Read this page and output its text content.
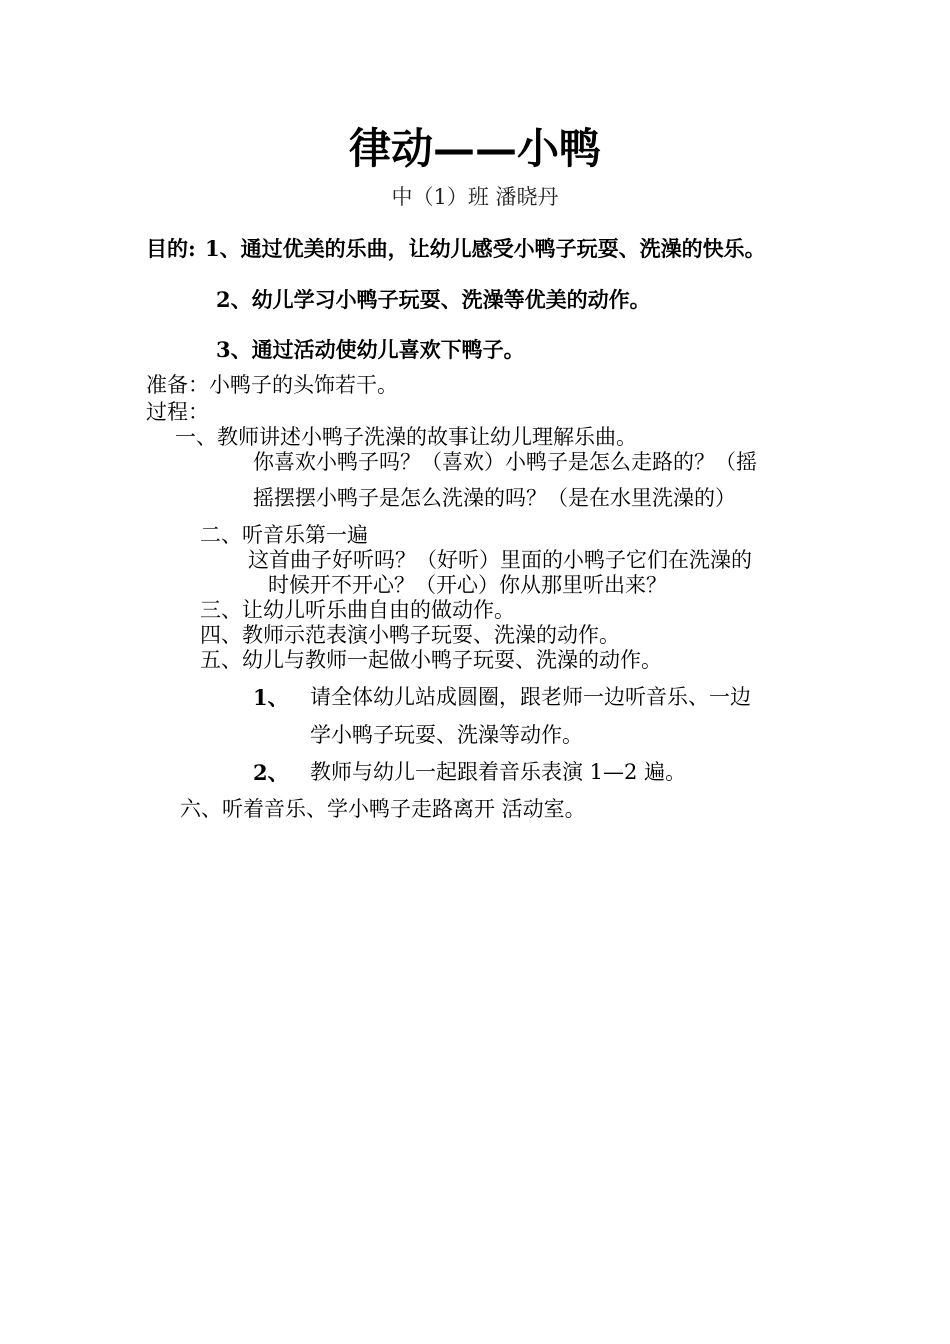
律动——小鸭
中（1）班 潘晓丹
目的: 1、通过优美的乐曲，让幼儿感受小鸭子玩耍、洗澡的快乐。
2、幼儿学习小鸭子玩耍、洗澡等优美的动作。
3、通过活动使幼儿喜欢下鸭子。
准备：小鸭子的头饰若干。
过程：
一、教师讲述小鸭子洗澡的故事让幼儿理解乐曲。
你喜欢小鸭子吗？（喜欢）小鸭子是怎么走路的？（摇
摇摆摆小鸭子是怎么洗澡的吗？（是在水里洗澡的）
二、听音乐第一遍
这首曲子好听吗？（好听）里面的小鸭子它们在洗澡的
时候开不开心？（开心）你从那里听出来？
三、让幼儿听乐曲自由的做动作。
四、教师示范表演小鸭子玩耍、洗澡的动作。
五、幼儿与教师一起做小鸭子玩耍、洗澡的动作。
1、 请全体幼儿站成圆圈，跟老师一边听音乐、一边
学小鸭子玩耍、洗澡等动作。
2、 教师与幼儿一起跟着音乐表演 1—2 遍。
六、听着音乐、学小鸭子走路离开 活动室。
